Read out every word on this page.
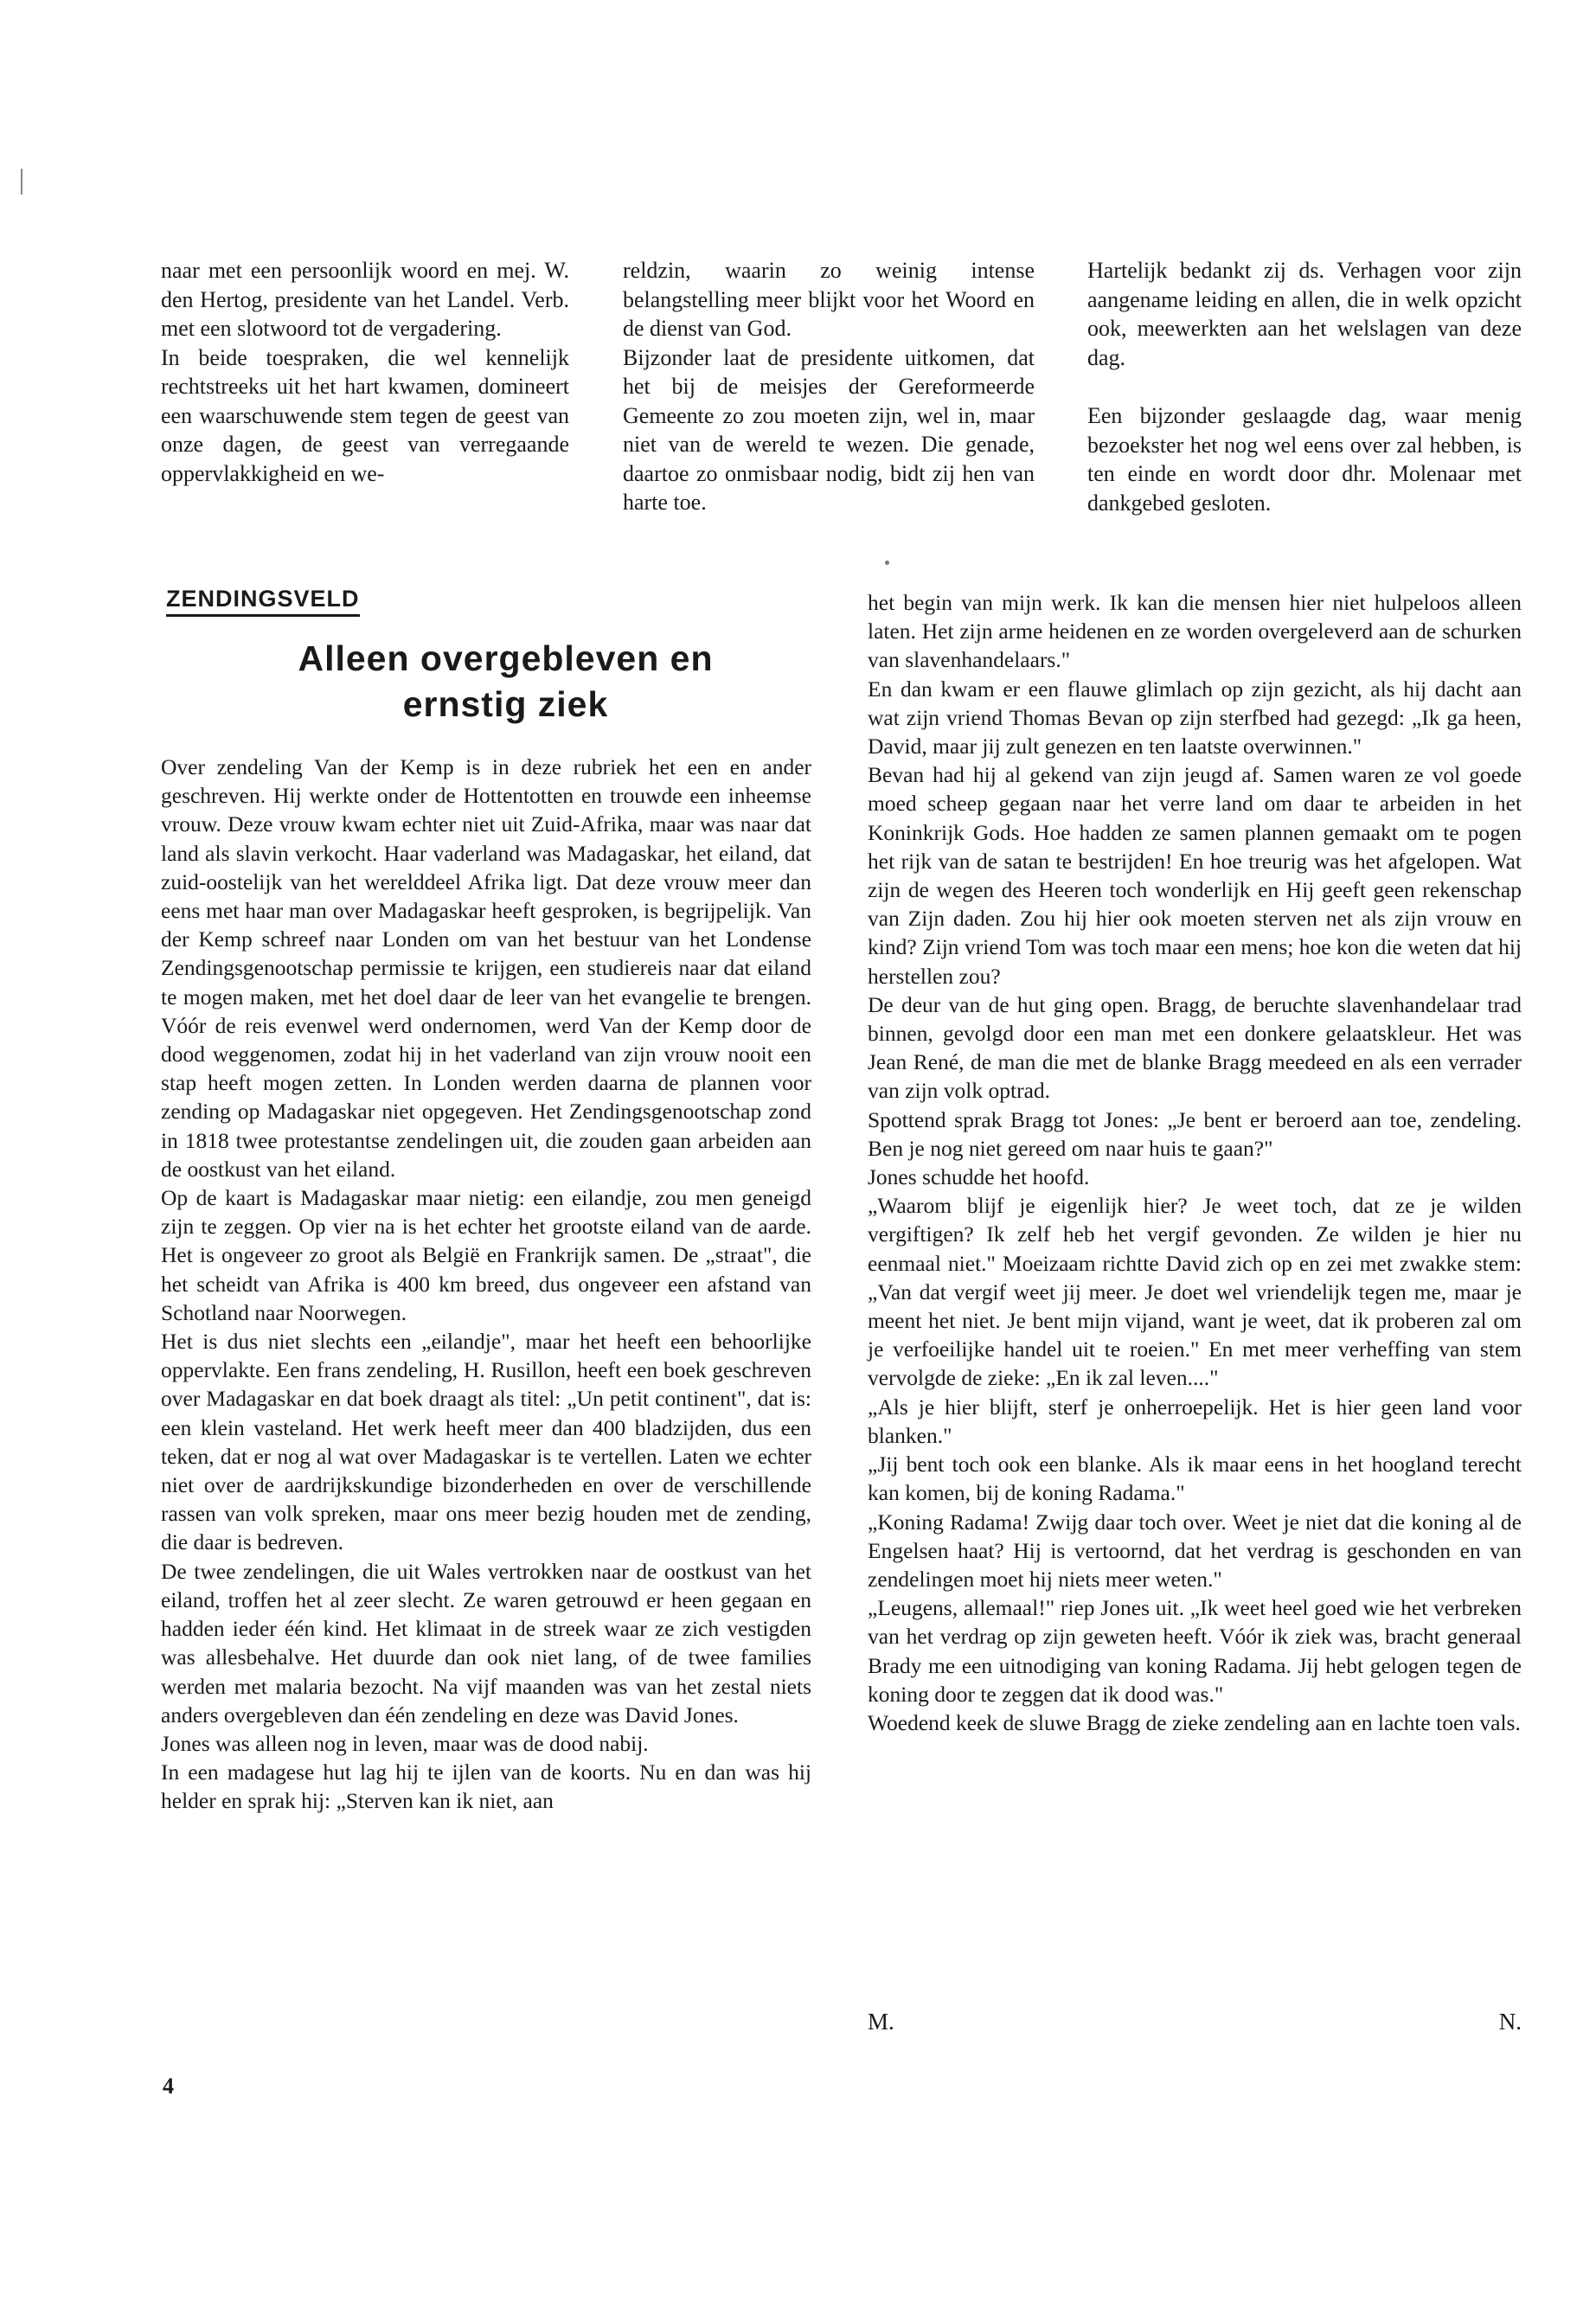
naar met een persoonlijk woord en mej. W. den Hertog, presidente van het Landel. Verb. met een slotwoord tot de vergadering.

In beide toespraken, die wel kennelijk rechtstreeks uit het hart kwamen, domineert een waarschuwende stem tegen de geest van onze dagen, de geest van verregaande oppervlakkigheid en we-

reldzin, waarin zo weinig intense belangstelling meer blijkt voor het Woord en de dienst van God.

Bijzonder laat de presidente uitkomen, dat het bij de meisjes der Gereformeerde Gemeente zo zou moeten zijn, wel in, maar niet van de wereld te wezen. Die genade, daartoe zo onmisbaar nodig, bidt zij hen van harte toe.

Hartelijk bedankt zij ds. Verhagen voor zijn aangename leiding en allen, die in welk opzicht ook, meewerkten aan het welslagen van deze dag.

Een bijzonder geslaagde dag, waar menig bezoekster het nog wel eens over zal hebben, is ten einde en wordt door dhr. Molenaar met dankgebed gesloten.

ZENDINGSVELD
Alleen overgebleven en
ernstig ziek

Over zendeling Van der Kemp is in deze rubriek het een en ander geschreven. Hij werkte onder de Hottentotten en trouwde een inheemse vrouw. Deze vrouw kwam echter niet uit Zuid-Afrika, maar was naar dat land als slavin verkocht. Haar vaderland was Madagaskar, het eiland, dat zuid-oostelijk van het werelddeel Afrika ligt. Dat deze vrouw meer dan eens met haar man over Madagaskar heeft gesproken, is begrijpelijk. Van der Kemp schreef naar Londen om van het bestuur van het Londense Zendingsgenootschap permissie te krijgen, een studiereis naar dat eiland te mogen maken, met het doel daar de leer van het evangelie te brengen. Vóór de reis evenwel werd ondernomen, werd Van der Kemp door de dood weggenomen, zodat hij in het vaderland van zijn vrouw nooit een stap heeft mogen zetten. In Londen werden daarna de plannen voor zending op Madagaskar niet opgegeven. Het Zendingsgenootschap zond in 1818 twee protestantse zendelingen uit, die zouden gaan arbeiden aan de oostkust van het eiland.

Op de kaart is Madagaskar maar nietig: een eilandje, zou men geneigd zijn te zeggen. Op vier na is het echter het grootste eiland van de aarde. Het is ongeveer zo groot als België en Frankrijk samen. De „straat", die het scheidt van Afrika is 400 km breed, dus ongeveer een afstand van Schotland naar Noorwegen.

Het is dus niet slechts een „eilandje", maar het heeft een behoorlijke oppervlakte. Een frans zendeling, H. Rusillon, heeft een boek geschreven over Madagaskar en dat boek draagt als titel: „Un petit continent", dat is: een klein vasteland. Het werk heeft meer dan 400 bladzijden, dus een teken, dat er nog al wat over Madagaskar is te vertellen. Laten we echter niet over de aardrijkskundige bizonderheden en over de verschillende rassen van volk spreken, maar ons meer bezig houden met de zending, die daar is bedreven.

De twee zendelingen, die uit Wales vertrokken naar de oostkust van het eiland, troffen het al zeer slecht. Ze waren getrouwd er heen gegaan en hadden ieder één kind. Het klimaat in de streek waar ze zich vestigden was allesbehalve. Het duurde dan ook niet lang, of de twee families werden met malaria bezocht. Na vijf maanden was van het zestal niets anders overgebleven dan één zendeling en deze was David Jones.

Jones was alleen nog in leven, maar was de dood nabij.

In een madagese hut lag hij te ijlen van de koorts. Nu en dan was hij helder en sprak hij: „Sterven kan ik niet, aan

het begin van mijn werk. Ik kan die mensen hier niet hulpeloos alleen laten. Het zijn arme heidenen en ze worden overgeleverd aan de schurken van slavenhandelaars."

En dan kwam er een flauwe glimlach op zijn gezicht, als hij dacht aan wat zijn vriend Thomas Bevan op zijn sterfbed had gezegd: „Ik ga heen, David, maar jij zult genezen en ten laatste overwinnen."

Bevan had hij al gekend van zijn jeugd af. Samen waren ze vol goede moed scheep gegaan naar het verre land om daar te arbeiden in het Koninkrijk Gods. Hoe hadden ze samen plannen gemaakt om te pogen het rijk van de satan te bestrijden! En hoe treurig was het afgelopen. Wat zijn de wegen des Heeren toch wonderlijk en Hij geeft geen rekenschap van Zijn daden. Zou hij hier ook moeten sterven net als zijn vrouw en kind? Zijn vriend Tom was toch maar een mens; hoe kon die weten dat hij herstellen zou?

De deur van de hut ging open. Bragg, de beruchte slavenhandelaar trad binnen, gevolgd door een man met een donkere gelaatskleur. Het was Jean René, de man die met de blanke Bragg meedeed en als een verrader van zijn volk optrad.

Spottend sprak Bragg tot Jones: „Je bent er beroerd aan toe, zendeling. Ben je nog niet gereed om naar huis te gaan?"

Jones schudde het hoofd.

„Waarom blijf je eigenlijk hier? Je weet toch, dat ze je wilden vergiftigen? Ik zelf heb het vergif gevonden. Ze wilden je hier nu eenmaal niet." Moeizaam richtte David zich op en zei met zwakke stem: „Van dat vergif weet jij meer. Je doet wel vriendelijk tegen me, maar je meent het niet. Je bent mijn vijand, want je weet, dat ik proberen zal om je verfoeilijke handel uit te roeien." En met meer verheffing van stem vervolgde de zieke: „En ik zal leven...."

„Als je hier blijft, sterf je onherroepelijk. Het is hier geen land voor blanken."

„Jij bent toch ook een blanke. Als ik maar eens in het hoogland terecht kan komen, bij de koning Radama."

„Koning Radama! Zwijg daar toch over. Weet je niet dat die koning al de Engelsen haat? Hij is vertoornd, dat het verdrag is geschonden en van zendelingen moet hij niets meer weten."

„Leugens, allemaal!" riep Jones uit. „Ik weet heel goed wie het verbreken van het verdrag op zijn geweten heeft. Vóór ik ziek was, bracht generaal Brady me een uitnodiging van koning Radama. Jij hebt gelogen tegen de koning door te zeggen dat ik dood was."

Woedend keek de sluwe Bragg de zieke zendeling aan en lachte toen vals.

M.	N.
4
